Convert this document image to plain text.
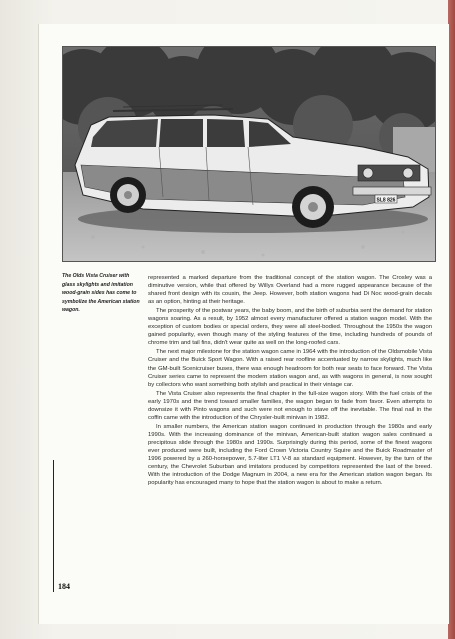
SL8 826
The Olds Vista Cruiser with glass skylights and imitation wood-grain sides has come to symbolize the American station wagon.

represented a marked departure from the traditional concept of the station wagon. The Crosley was a diminutive version, while that offered by Willys Overland had a more rugged appearance because of the shared front design with its cousin, the Jeep. However, both station wagons had Di Noc wood-grain decals as an option, hinting at their heritage.

The prosperity of the postwar years, the baby boom, and the birth of suburbia sent the demand for station wagons soaring. As a result, by 1952 almost every manufacturer offered a station wagon model. With the exception of custom bodies or special orders, they were all steel-bodied. Throughout the 1950s the wagon gained popularity, even though many of the styling features of the time, including hundreds of pounds of chrome trim and tail fins, didn't wear quite as well on the long-roofed cars.

The next major milestone for the station wagon came in 1964 with the introduction of the Oldsmobile Vista Cruiser and the Buick Sport Wagon. With a raised rear roofline accentuated by narrow skylights, much like the GM-built Scenicruiser buses, there was enough headroom for both rear seats to face forward. The Vista Cruiser series came to represent the modern station wagon and, as with wagons in general, is now sought by collectors who want something both stylish and practical in their vintage car.

The Vista Cruiser also represents the final chapter in the full-size wagon story. With the fuel crisis of the early 1970s and the trend toward smaller families, the wagon began to fade from favor. Even attempts to downsize it with Pinto wagons and such were not enough to stave off the inevitable. The final nail in the coffin came with the introduction of the Chrysler-built minivan in 1982.

In smaller numbers, the American station wagon continued in production through the 1980s and early 1990s. With the increasing dominance of the minivan, American-built station wagon sales continued a precipitous slide through the 1980s and 1990s. Surprisingly during this period, some of the finest wagons ever produced were built, including the Ford Crown Victoria Country Squire and the Buick Roadmaster of 1996 powered by a 260-horsepower, 5.7-liter LT1 V-8 as standard equipment. However, by the turn of the century, the Chevrolet Suburban and imitators produced by competitors represented the last of the breed. With the introduction of the Dodge Magnum in 2004, a new era for the American station wagon began. Its popularity has encouraged many to hope that the station wagon is about to make a return.

184
